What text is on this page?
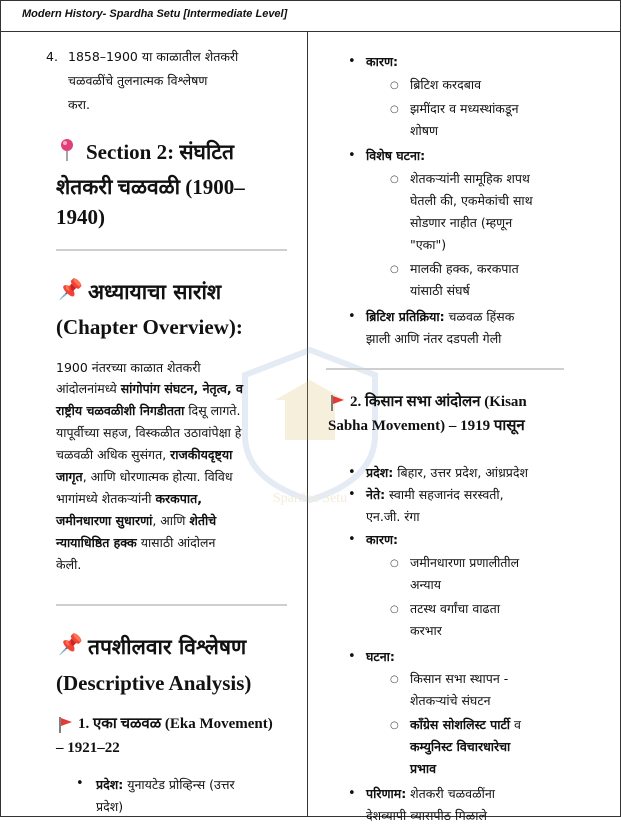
Modern History- Spardha Setu [Intermediate Level]
Spardha Setu
4. 1858–1900 या काळातील शेतकरी
चळवळींचे तुलनात्मक विश्लेषण
करा.
Section 2: संघटित
शेतकरी चळवळी (1900–
1940)
📌 अध्यायाचा सारांश
(Chapter Overview):
1900 नंतरच्या काळात शेतकरी
आंदोलनांमध्ये सांगोपांग संघटन, नेतृत्व, व
राष्ट्रीय चळवळीशी निगडीतता दिसू लागते.
यापूर्वीच्या सहज, विस्कळीत उठावांपेक्षा हे
चळवळी अधिक सुसंगत, राजकीयदृष्ट्या
जागृत, आणि धोरणात्मक होत्या. विविध
भागांमध्ये शेतकऱ्यांनी करकपात,
जमीनधारणा सुधारणां, आणि शेतीचे
न्यायाधिष्ठित हक्क यासाठी आंदोलन
केली.
📌 तपशीलवार विश्लेषण
(Descriptive Analysis)
1. एका चळवळ (Eka Movement)
– 1921–22
• प्रदेश: युनायटेड प्रोव्हिन्स (उत्तर
प्रदेश)
• कारण:
○ ब्रिटिश करदबाव
○ झमींदार व मध्यस्थांकडून
शोषण
• विशेष घटना:
○ शेतकऱ्यांनी सामूहिक शपथ
घेतली की, एकमेकांची साथ
सोडणार नाहीत (म्हणून
"एका")
○ मालकी हक्क, करकपात
यांसाठी संघर्ष
• ब्रिटिश प्रतिक्रिया: चळवळ हिंसक
झाली आणि नंतर दडपली गेली
2. किसान सभा आंदोलन (Kisan
Sabha Movement) – 1919 पासून
• प्रदेश: बिहार, उत्तर प्रदेश, आंध्रप्रदेश
• नेते: स्वामी सहजानंद सरस्वती,
एन.जी. रंगा
• कारण:
○ जमीनधारणा प्रणालीतील
अन्याय
○ तटस्थ वर्गांचा वाढता
करभार
• घटना:
○ किसान सभा स्थापन -
शेतकऱ्यांचे संघटन
○ काँग्रेस सोशलिस्ट पार्टी व
कम्युनिस्ट विचारधारेचा
प्रभाव
• परिणाम: शेतकरी चळवळींना
देशव्यापी व्यासपीठ मिळाले
